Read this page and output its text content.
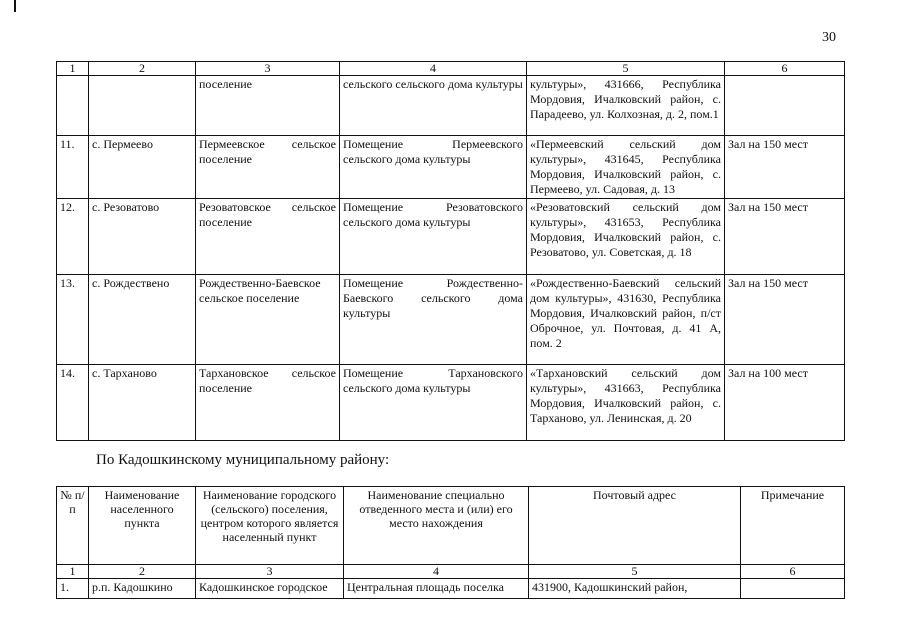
30
1	2	3	4	5	6
		поселение	сельского сельского дома культуры	культуры», 431666, Республика Мордовия, Ичалковский район, с. Парадеево, ул. Колхозная, д. 2, пом.1	
11.	с. Пермеево	Пермеевское сельское поселение	Помещение Пермеевского сельского дома культуры	«Пермеевский сельский дом культуры», 431645, Республика Мордовия, Ичалковский район, с. Пермеево, ул. Садовая, д. 13	Зал на 150 мест
12.	с. Резоватово	Резоватовское сельское поселение	Помещение Резоватовского сельского дома культуры	«Резоватовский сельский дом культуры», 431653, Республика Мордовия, Ичалковский район, с. Резоватово, ул. Советская, д. 18	Зал на 150 мест
13.	с. Рождествено	Рождественно-Баевское сельское поселение	Помещение Рождественно-Баевского сельского дома культуры	«Рождественно-Баевский сельский дом культуры», 431630, Республика Мордовия, Ичалковский район, п/ст Оброчное, ул. Почтовая, д. 41 А, пом. 2	Зал на 150 мест
14.	с. Тарханово	Тархановское сельское поселение	Помещение Тархановского сельского дома культуры	«Тархановский сельский дом культуры», 431663, Республика Мордовия, Ичалковский район, с. Тарханово, ул. Ленинская, д. 20	Зал на 100 мест
По Кадошкинскому муниципальному району:
№ п/п	Наименование населенного пункта	Наименование городского (сельского) поселения, центром которого является населенный пункт	Наименование специально отведенного места и (или) его место нахождения	Почтовый адрес	Примечание
1	2	3	4	5	6
1.	р.п. Кадошкино	Кадошкинское городское	Центральная площадь поселка	431900, Кадошкинский район,	
